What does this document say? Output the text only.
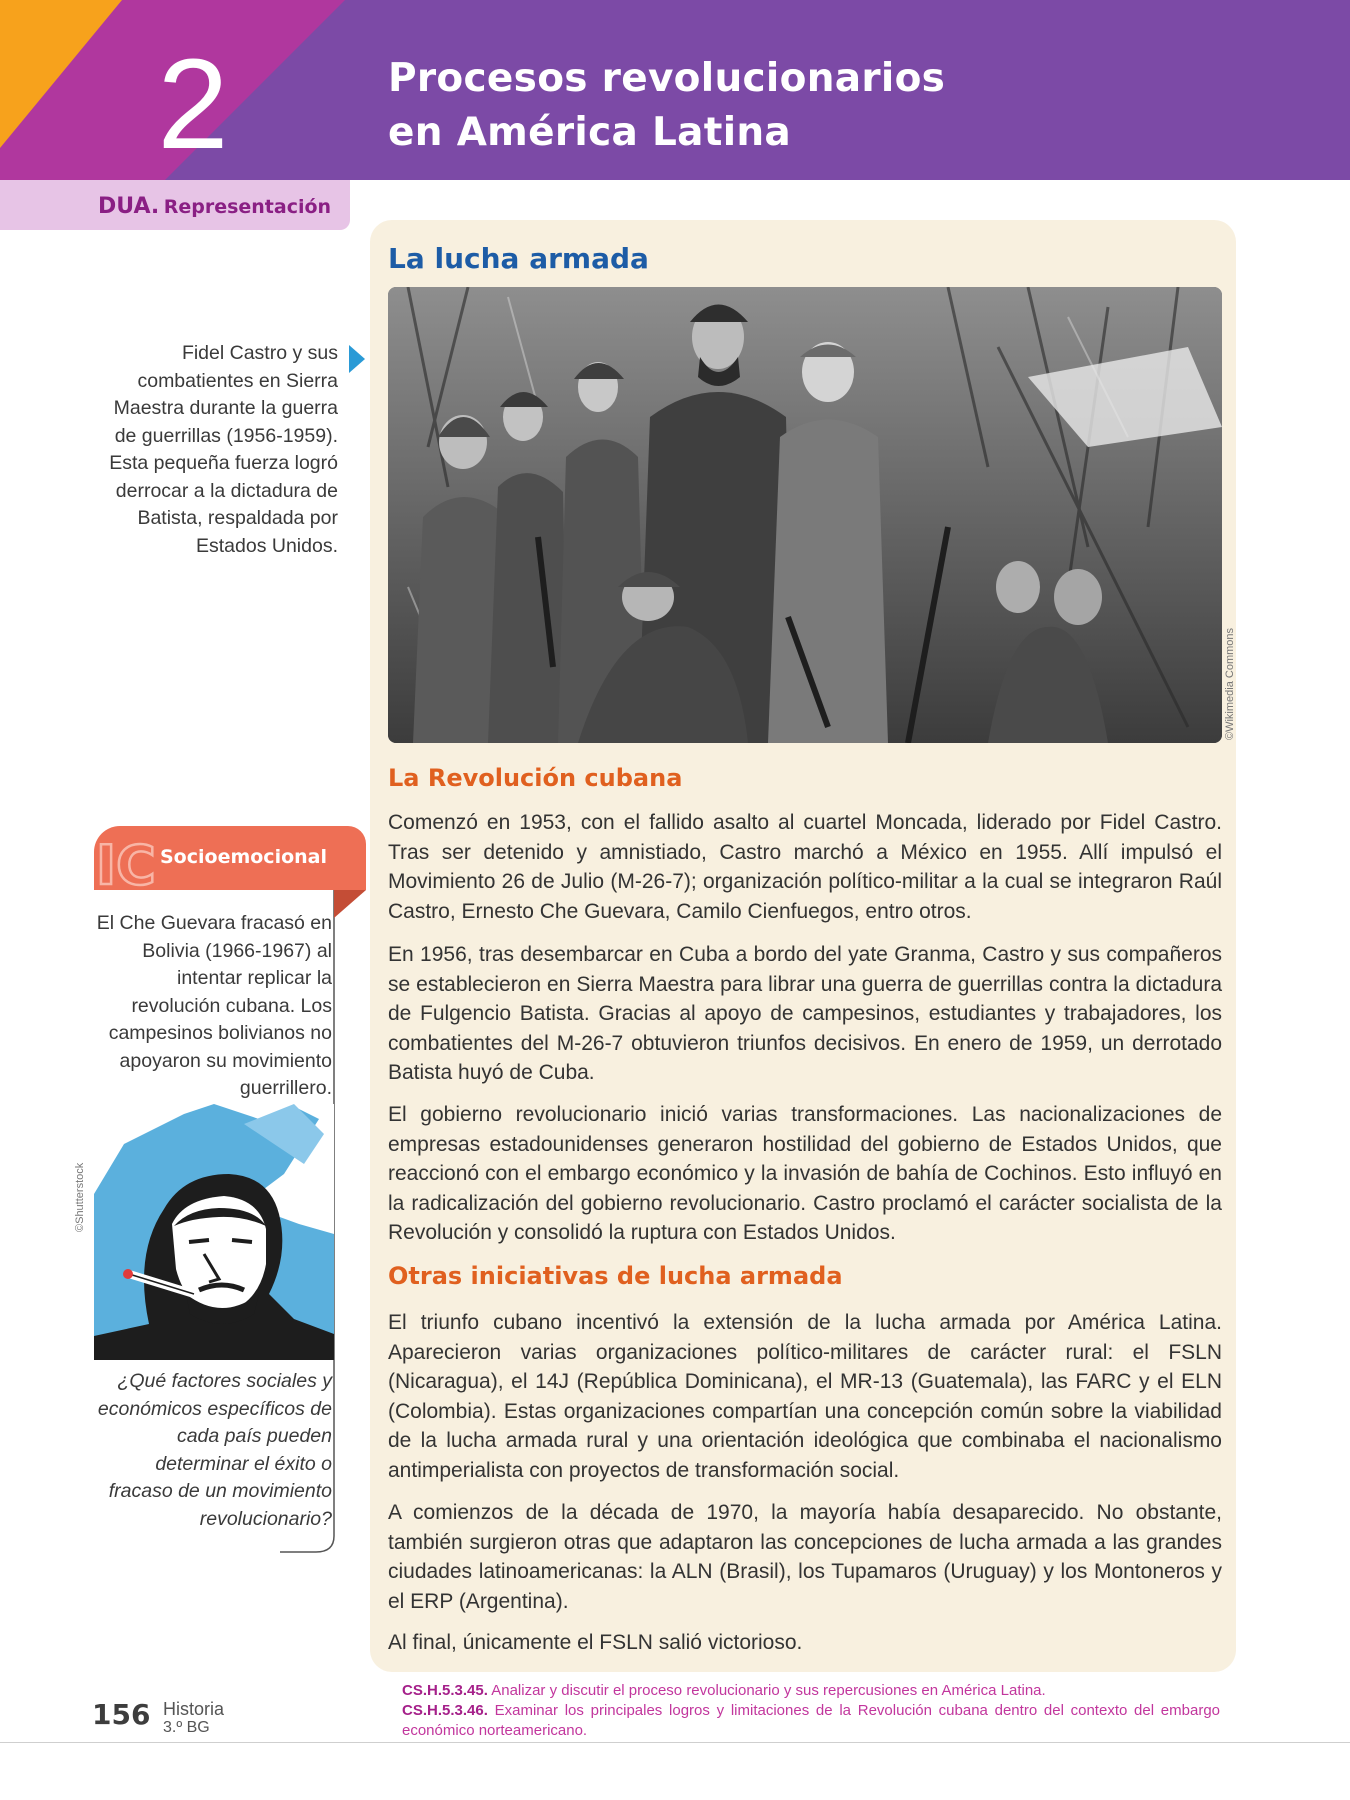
2	Procesos revolucionarios
en América Latina
DUA. Representación

Fidel Castro y sus combatientes en Sierra Maestra durante la guerra de guerrillas (1956-1959). Esta pequeña fuerza logró derrocar a la dictadura de Batista, respaldada por Estados Unidos.

IC Socioemocional

El Che Guevara fracasó en Bolivia (1966-1967) al intentar replicar la revolución cubana. Los campesinos bolivianos no apoyaron su movimiento guerrillero.

¿Qué factores sociales y económicos específicos de cada país pueden determinar el éxito o fracaso de un movimiento revolucionario?

©Shutterstock
La lucha armada
©Wikimedia Commons
La Revolución cubana

Comenzó en 1953, con el fallido asalto al cuartel Moncada, liderado por Fidel Castro. Tras ser detenido y amnistiado, Castro marchó a México en 1955. Allí impulsó el Movimiento 26 de Julio (M-26-7); organización político-militar a la cual se integraron Raúl Castro, Ernesto Che Guevara, Camilo Cienfuegos, entro otros.

En 1956, tras desembarcar en Cuba a bordo del yate Granma, Castro y sus compañeros se establecieron en Sierra Maestra para librar una guerra de guerrillas contra la dictadura de Fulgencio Batista. Gracias al apoyo de campesinos, estudiantes y trabajadores, los combatientes del M-26-7 obtuvieron triunfos decisivos. En enero de 1959, un derrotado Batista huyó de Cuba.

El gobierno revolucionario inició varias transformaciones. Las nacionalizaciones de empresas estadounidenses generaron hostilidad del gobierno de Estados Unidos, que reaccionó con el embargo económico y la invasión de bahía de Cochinos. Esto influyó en la radicalización del gobierno revolucionario. Castro proclamó el carácter socialista de la Revolución y consolidó la ruptura con Estados Unidos.

Otras iniciativas de lucha armada

El triunfo cubano incentivó la extensión de la lucha armada por América Latina. Aparecieron varias organizaciones político-militares de carácter rural: el FSLN (Nicaragua), el 14J (República Dominicana), el MR-13 (Guatemala), las FARC y el ELN (Colombia). Estas organizaciones compartían una concepción común sobre la viabilidad de la lucha armada rural y una orientación ideológica que combinaba el nacionalismo antimperialista con proyectos de transformación social.

A comienzos de la década de 1970, la mayoría había desaparecido. No obstante, también surgieron otras que adaptaron las concepciones de lucha armada a las grandes ciudades latinoamericanas: la ALN (Brasil), los Tupamaros (Uruguay) y los Montoneros y el ERP (Argentina).

Al final, únicamente el FSLN salió victorioso.

156 Historia
3.º BG
CS.H.5.3.45. Analizar y discutir el proceso revolucionario y sus repercusiones en América Latina.
CS.H.5.3.46. Examinar los principales logros y limitaciones de la Revolución cubana dentro del contexto del embargo económico norteamericano.
